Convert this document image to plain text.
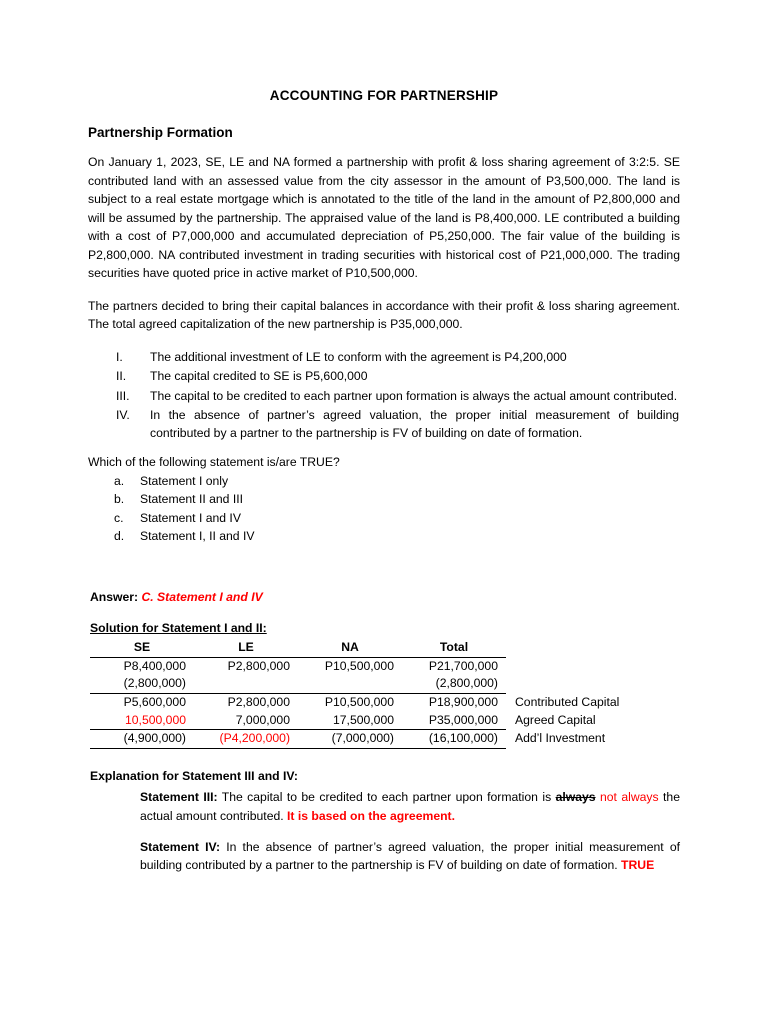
ACCOUNTING FOR PARTNERSHIP
Partnership Formation

On January 1, 2023, SE, LE and NA formed a partnership with profit & loss sharing agreement of 3:2:5. SE contributed land with an assessed value from the city assessor in the amount of P3,500,000. The land is subject to a real estate mortgage which is annotated to the title of the land in the amount of P2,800,000 and will be assumed by the partnership. The appraised value of the land is P8,400,000. LE contributed a building with a cost of P7,000,000 and accumulated depreciation of P5,250,000. The fair value of the building is P2,800,000. NA contributed investment in trading securities with historical cost of P21,000,000. The trading securities have quoted price in active market of P10,500,000.

The partners decided to bring their capital balances in accordance with their profit & loss sharing agreement. The total agreed capitalization of the new partnership is P35,000,000.

I.	The additional investment of LE to conform with the agreement is P4,200,000
II.	The capital credited to SE is P5,600,000
III.	The capital to be credited to each partner upon formation is always the actual amount contributed.
IV.	In the absence of partner’s agreed valuation, the proper initial measurement of building contributed by a partner to the partnership is FV of building on date of formation.
Which of the following statement is/are TRUE?
a.	Statement I only
b.	Statement II and III
c.	Statement I and IV
d.	Statement I, II and IV
Answer: C. Statement I and IV
Solution for Statement I and II:
SE	LE	NA	Total	
P8,400,000	P2,800,000	P10,500,000	P21,700,000	
(2,800,000)			(2,800,000)	
P5,600,000	P2,800,000	P10,500,000	P18,900,000	Contributed Capital
10,500,000	7,000,000	17,500,000	P35,000,000	Agreed Capital
(4,900,000)	(P4,200,000)	(7,000,000)	(16,100,000)	Add’l Investment
Explanation for Statement III and IV:

Statement III: The capital to be credited to each partner upon formation is always not always the actual amount contributed. It is based on the agreement.

Statement IV: In the absence of partner’s agreed valuation, the proper initial measurement of building contributed by a partner to the partnership is FV of building on date of formation. TRUE
